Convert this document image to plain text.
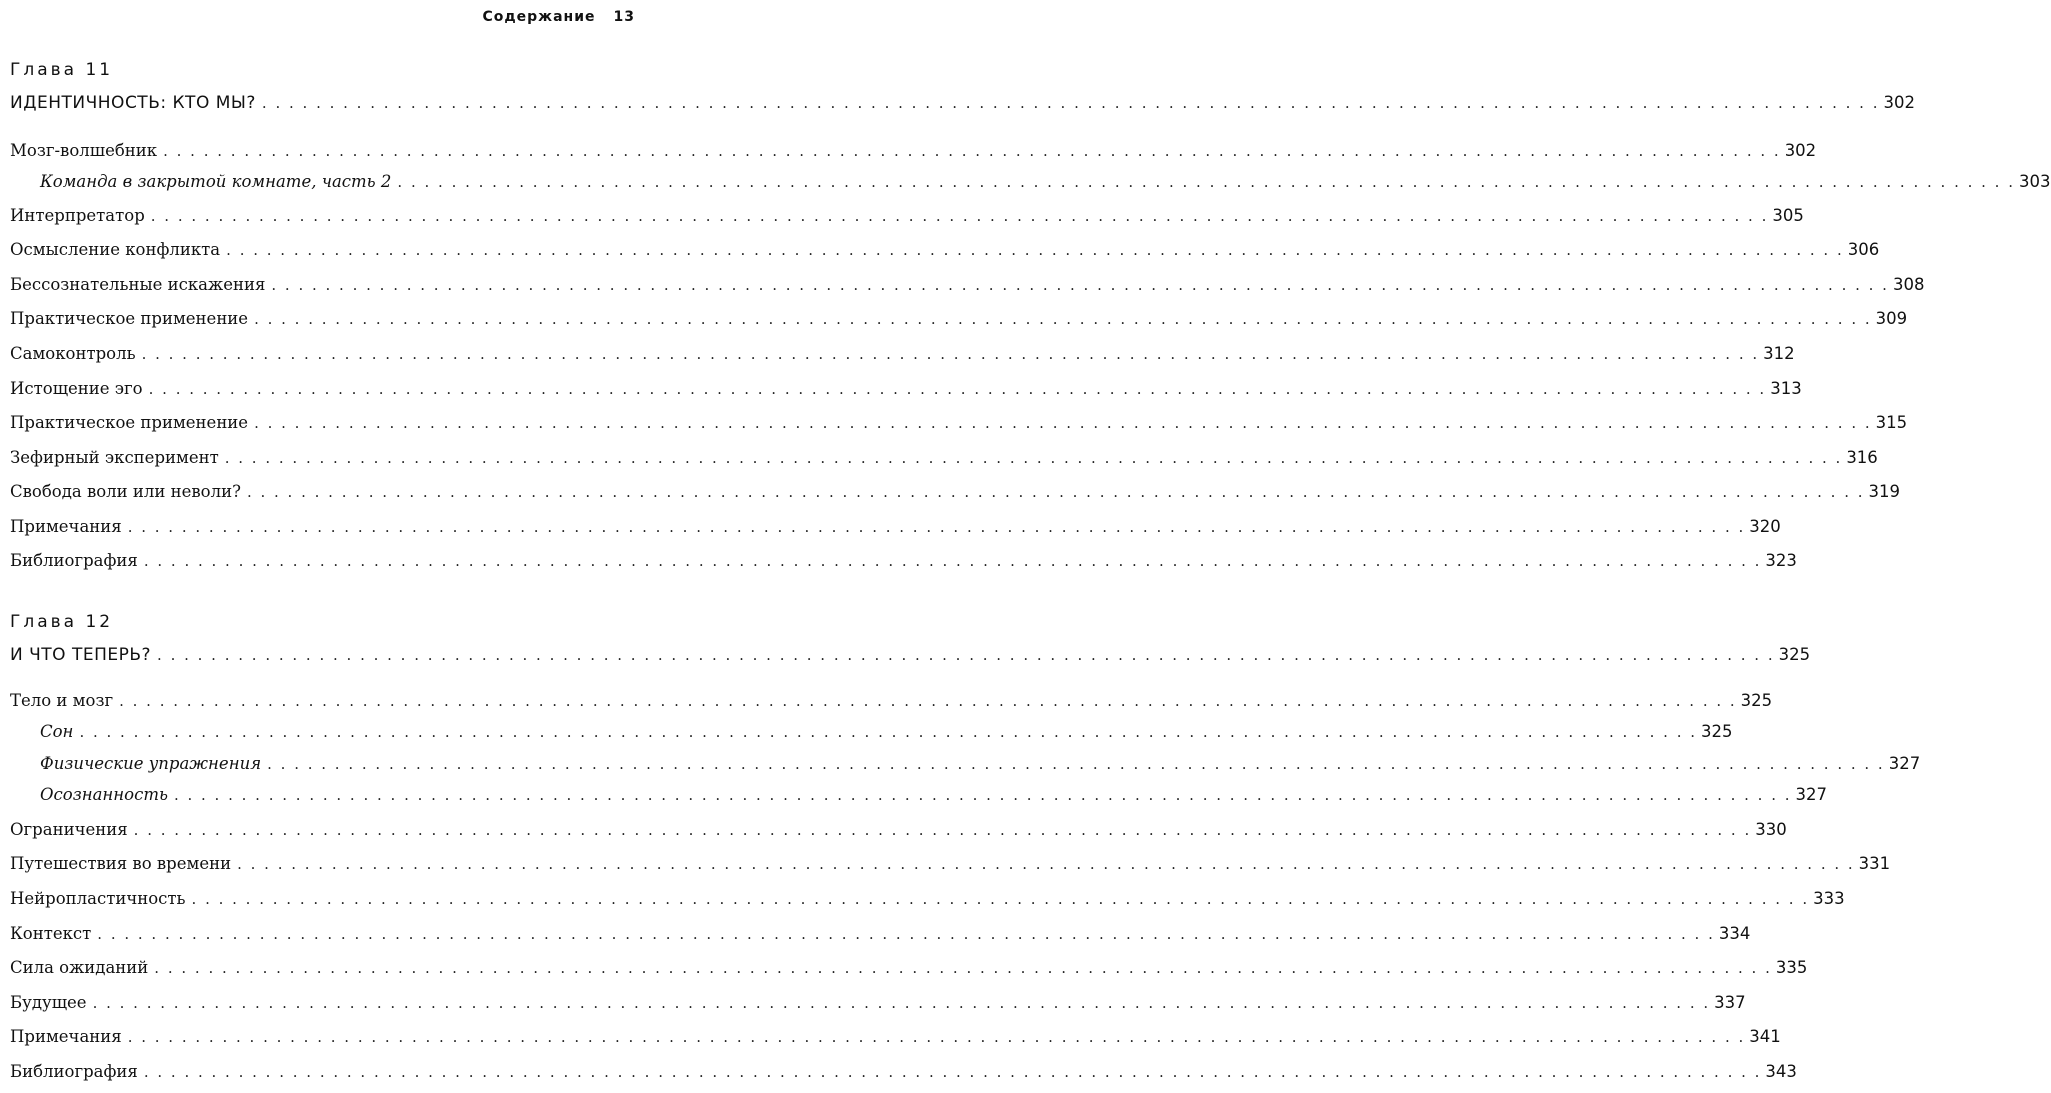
Содержание 13
Глава 11
ИДЕНТИЧНОСТЬ: КТО МЫ? . . . . . . . . . . . . . . . . . . . . . . . . . . . . . . . . . . . . . . . . . . . . . . . . . . . . . . . . . . . . . . . . . . . . . . . . . . . . . . . . . . . . . . . . . . . . . . . . . . . . . . . . . . . . . . . . . . . . . . . . 302
Мозг-волшебник . . . . . . . . . . . . . . . . . . . . . . . . . . . . . . . . . . . . . . . . . . . . . . . . . . . . . . . . . . . . . . . . . . . . . . . . . . . . . . . . . . . . . . . . . . . . . . . . . . . . . . . . . . . . . . . . . . . . . . . . 302
Команда в закрытой комнате, часть 2 . . . . . . . . . . . . . . . . . . . . . . . . . . . . . . . . . . . . . . . . . . . . . . . . . . . . . . . . . . . . . . . . . . . . . . . . . . . . . . . . . . . . . . . . . . . . . . . . . . . . . . . . . . . . . . . . . . . . . . . . 303
Интерпретатор . . . . . . . . . . . . . . . . . . . . . . . . . . . . . . . . . . . . . . . . . . . . . . . . . . . . . . . . . . . . . . . . . . . . . . . . . . . . . . . . . . . . . . . . . . . . . . . . . . . . . . . . . . . . . . . . . . . . . . . . 305
Осмысление конфликта . . . . . . . . . . . . . . . . . . . . . . . . . . . . . . . . . . . . . . . . . . . . . . . . . . . . . . . . . . . . . . . . . . . . . . . . . . . . . . . . . . . . . . . . . . . . . . . . . . . . . . . . . . . . . . . . . . . . . . . . 306
Бессознательные искажения . . . . . . . . . . . . . . . . . . . . . . . . . . . . . . . . . . . . . . . . . . . . . . . . . . . . . . . . . . . . . . . . . . . . . . . . . . . . . . . . . . . . . . . . . . . . . . . . . . . . . . . . . . . . . . . . . . . . . . . . 308
Практическое применение . . . . . . . . . . . . . . . . . . . . . . . . . . . . . . . . . . . . . . . . . . . . . . . . . . . . . . . . . . . . . . . . . . . . . . . . . . . . . . . . . . . . . . . . . . . . . . . . . . . . . . . . . . . . . . . . . . . . . . . . 309
Самоконтроль . . . . . . . . . . . . . . . . . . . . . . . . . . . . . . . . . . . . . . . . . . . . . . . . . . . . . . . . . . . . . . . . . . . . . . . . . . . . . . . . . . . . . . . . . . . . . . . . . . . . . . . . . . . . . . . . . . . . . . . . 312
Истощение эго . . . . . . . . . . . . . . . . . . . . . . . . . . . . . . . . . . . . . . . . . . . . . . . . . . . . . . . . . . . . . . . . . . . . . . . . . . . . . . . . . . . . . . . . . . . . . . . . . . . . . . . . . . . . . . . . . . . . . . . . 313
Практическое применение . . . . . . . . . . . . . . . . . . . . . . . . . . . . . . . . . . . . . . . . . . . . . . . . . . . . . . . . . . . . . . . . . . . . . . . . . . . . . . . . . . . . . . . . . . . . . . . . . . . . . . . . . . . . . . . . . . . . . . . . 315
Зефирный эксперимент . . . . . . . . . . . . . . . . . . . . . . . . . . . . . . . . . . . . . . . . . . . . . . . . . . . . . . . . . . . . . . . . . . . . . . . . . . . . . . . . . . . . . . . . . . . . . . . . . . . . . . . . . . . . . . . . . . . . . . . . 316
Свобода воли или неволи? . . . . . . . . . . . . . . . . . . . . . . . . . . . . . . . . . . . . . . . . . . . . . . . . . . . . . . . . . . . . . . . . . . . . . . . . . . . . . . . . . . . . . . . . . . . . . . . . . . . . . . . . . . . . . . . . . . . . . . . . 319
Примечания . . . . . . . . . . . . . . . . . . . . . . . . . . . . . . . . . . . . . . . . . . . . . . . . . . . . . . . . . . . . . . . . . . . . . . . . . . . . . . . . . . . . . . . . . . . . . . . . . . . . . . . . . . . . . . . . . . . . . . . . 320
Библиография . . . . . . . . . . . . . . . . . . . . . . . . . . . . . . . . . . . . . . . . . . . . . . . . . . . . . . . . . . . . . . . . . . . . . . . . . . . . . . . . . . . . . . . . . . . . . . . . . . . . . . . . . . . . . . . . . . . . . . . . 323
Глава 12
И ЧТО ТЕПЕРЬ? . . . . . . . . . . . . . . . . . . . . . . . . . . . . . . . . . . . . . . . . . . . . . . . . . . . . . . . . . . . . . . . . . . . . . . . . . . . . . . . . . . . . . . . . . . . . . . . . . . . . . . . . . . . . . . . . . . . . . . . . 325
Тело и мозг . . . . . . . . . . . . . . . . . . . . . . . . . . . . . . . . . . . . . . . . . . . . . . . . . . . . . . . . . . . . . . . . . . . . . . . . . . . . . . . . . . . . . . . . . . . . . . . . . . . . . . . . . . . . . . . . . . . . . . . . 325
Сон . . . . . . . . . . . . . . . . . . . . . . . . . . . . . . . . . . . . . . . . . . . . . . . . . . . . . . . . . . . . . . . . . . . . . . . . . . . . . . . . . . . . . . . . . . . . . . . . . . . . . . . . . . . . . . . . . . . . . . . . 325
Физические упражнения . . . . . . . . . . . . . . . . . . . . . . . . . . . . . . . . . . . . . . . . . . . . . . . . . . . . . . . . . . . . . . . . . . . . . . . . . . . . . . . . . . . . . . . . . . . . . . . . . . . . . . . . . . . . . . . . . . . . . . . . 327
Осознанность . . . . . . . . . . . . . . . . . . . . . . . . . . . . . . . . . . . . . . . . . . . . . . . . . . . . . . . . . . . . . . . . . . . . . . . . . . . . . . . . . . . . . . . . . . . . . . . . . . . . . . . . . . . . . . . . . . . . . . . . 327
Ограничения . . . . . . . . . . . . . . . . . . . . . . . . . . . . . . . . . . . . . . . . . . . . . . . . . . . . . . . . . . . . . . . . . . . . . . . . . . . . . . . . . . . . . . . . . . . . . . . . . . . . . . . . . . . . . . . . . . . . . . . . 330
Путешествия во времени . . . . . . . . . . . . . . . . . . . . . . . . . . . . . . . . . . . . . . . . . . . . . . . . . . . . . . . . . . . . . . . . . . . . . . . . . . . . . . . . . . . . . . . . . . . . . . . . . . . . . . . . . . . . . . . . . . . . . . . . 331
Нейропластичность . . . . . . . . . . . . . . . . . . . . . . . . . . . . . . . . . . . . . . . . . . . . . . . . . . . . . . . . . . . . . . . . . . . . . . . . . . . . . . . . . . . . . . . . . . . . . . . . . . . . . . . . . . . . . . . . . . . . . . . . 333
Контекст . . . . . . . . . . . . . . . . . . . . . . . . . . . . . . . . . . . . . . . . . . . . . . . . . . . . . . . . . . . . . . . . . . . . . . . . . . . . . . . . . . . . . . . . . . . . . . . . . . . . . . . . . . . . . . . . . . . . . . . . 334
Сила ожиданий . . . . . . . . . . . . . . . . . . . . . . . . . . . . . . . . . . . . . . . . . . . . . . . . . . . . . . . . . . . . . . . . . . . . . . . . . . . . . . . . . . . . . . . . . . . . . . . . . . . . . . . . . . . . . . . . . . . . . . . . 335
Будущее . . . . . . . . . . . . . . . . . . . . . . . . . . . . . . . . . . . . . . . . . . . . . . . . . . . . . . . . . . . . . . . . . . . . . . . . . . . . . . . . . . . . . . . . . . . . . . . . . . . . . . . . . . . . . . . . . . . . . . . . 337
Примечания . . . . . . . . . . . . . . . . . . . . . . . . . . . . . . . . . . . . . . . . . . . . . . . . . . . . . . . . . . . . . . . . . . . . . . . . . . . . . . . . . . . . . . . . . . . . . . . . . . . . . . . . . . . . . . . . . . . . . . . . 341
Библиография . . . . . . . . . . . . . . . . . . . . . . . . . . . . . . . . . . . . . . . . . . . . . . . . . . . . . . . . . . . . . . . . . . . . . . . . . . . . . . . . . . . . . . . . . . . . . . . . . . . . . . . . . . . . . . . . . . . . . . . . 343
